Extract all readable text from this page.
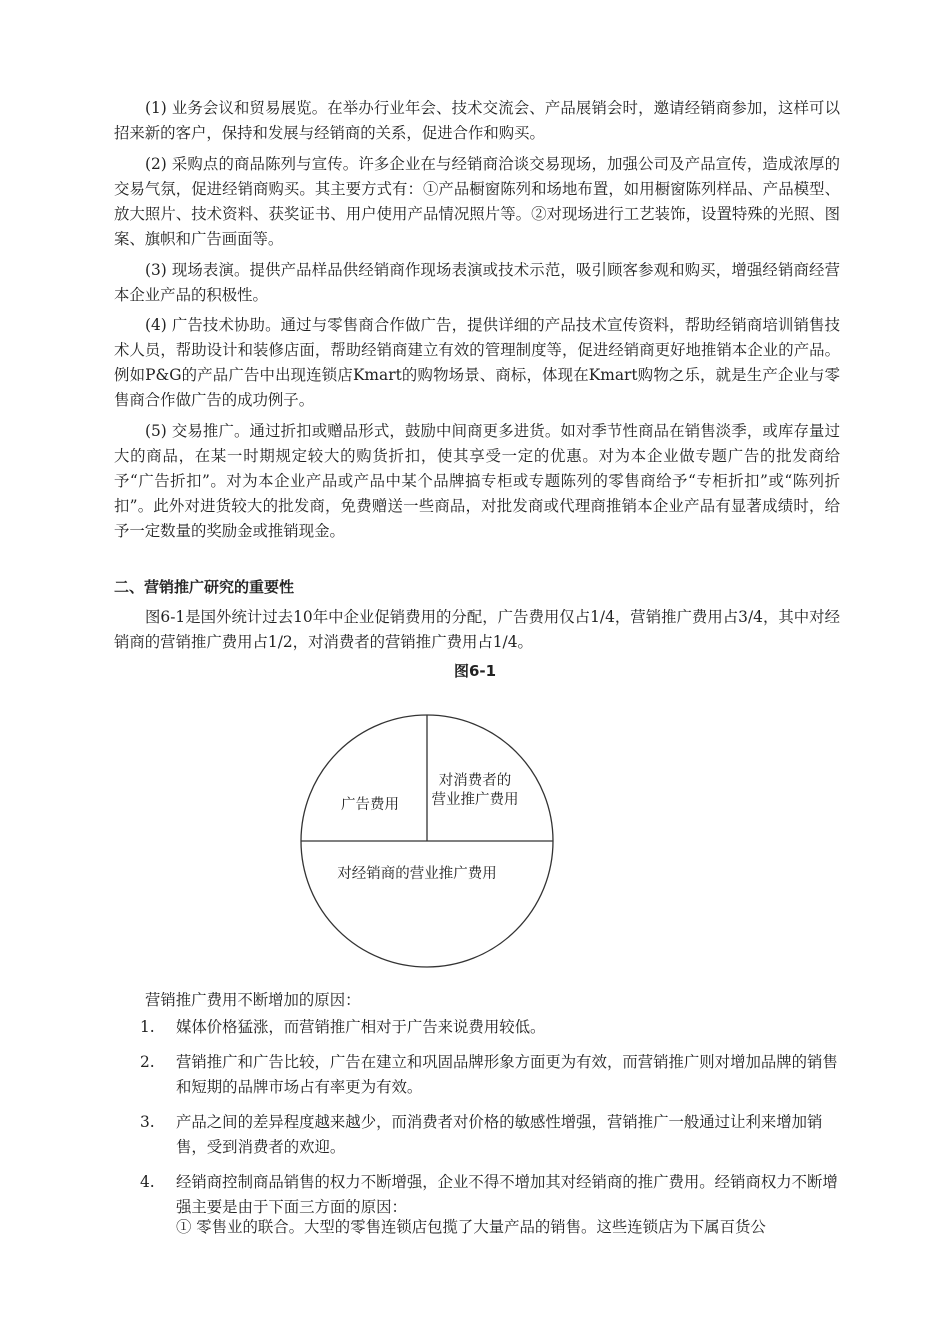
(1) 业务会议和贸易展览。在举办行业年会、技术交流会、产品展销会时，邀请经销商参加，这样可以招来新的客户，保持和发展与经销商的关系，促进合作和购买。

(2) 采购点的商品陈列与宣传。许多企业在与经销商洽谈交易现场，加强公司及产品宣传，造成浓厚的交易气氛，促进经销商购买。其主要方式有：①产品橱窗陈列和场地布置，如用橱窗陈列样品、产品模型、放大照片、技术资料、获奖证书、用户使用产品情况照片等。②对现场进行工艺装饰，设置特殊的光照、图案、旗帜和广告画面等。

(3) 现场表演。提供产品样品供经销商作现场表演或技术示范，吸引顾客参观和购买，增强经销商经营本企业产品的积极性。

(4) 广告技术协助。通过与零售商合作做广告，提供详细的产品技术宣传资料，帮助经销商培训销售技术人员，帮助设计和装修店面，帮助经销商建立有效的管理制度等，促进经销商更好地推销本企业的产品。例如P&G的产品广告中出现连锁店Kmart的购物场景、商标，体现在Kmart购物之乐，就是生产企业与零售商合作做广告的成功例子。

(5) 交易推广。通过折扣或赠品形式，鼓励中间商更多进货。如对季节性商品在销售淡季，或库存量过大的商品，在某一时期规定较大的购货折扣，使其享受一定的优惠。对为本企业做专题广告的批发商给予“广告折扣”。对为本企业产品或产品中某个品牌搞专柜或专题陈列的零售商给予“专柜折扣”或“陈列折扣”。此外对进货较大的批发商，免费赠送一些商品，对批发商或代理商推销本企业产品有显著成绩时，给予一定数量的奖励金或推销现金。

二、营销推广研究的重要性

图6-1是国外统计过去10年中企业促销费用的分配，广告费用仅占1/4，营销推广费用占3/4，其中对经销商的营销推广费用占1/2，对消费者的营销推广费用占1/4。

图6-1

广告费用
对消费者的
营业推广费用
对经销商的营业推广费用

营销推广费用不断增加的原因：

1. 媒体价格猛涨，而营销推广相对于广告来说费用较低。
2. 营销推广和广告比较，广告在建立和巩固品牌形象方面更为有效，而营销推广则对增加品牌的销售和短期的品牌市场占有率更为有效。
3. 产品之间的差异程度越来越少，而消费者对价格的敏感性增强，营销推广一般通过让利来增加销售，受到消费者的欢迎。
4. 经销商控制商品销售的权力不断增强，企业不得不增加其对经销商的推广费用。经销商权力不断增强主要是由于下面三方面的原因：

① 零售业的联合。大型的零售连锁店包揽了大量产品的销售。这些连锁店为下属百货公
